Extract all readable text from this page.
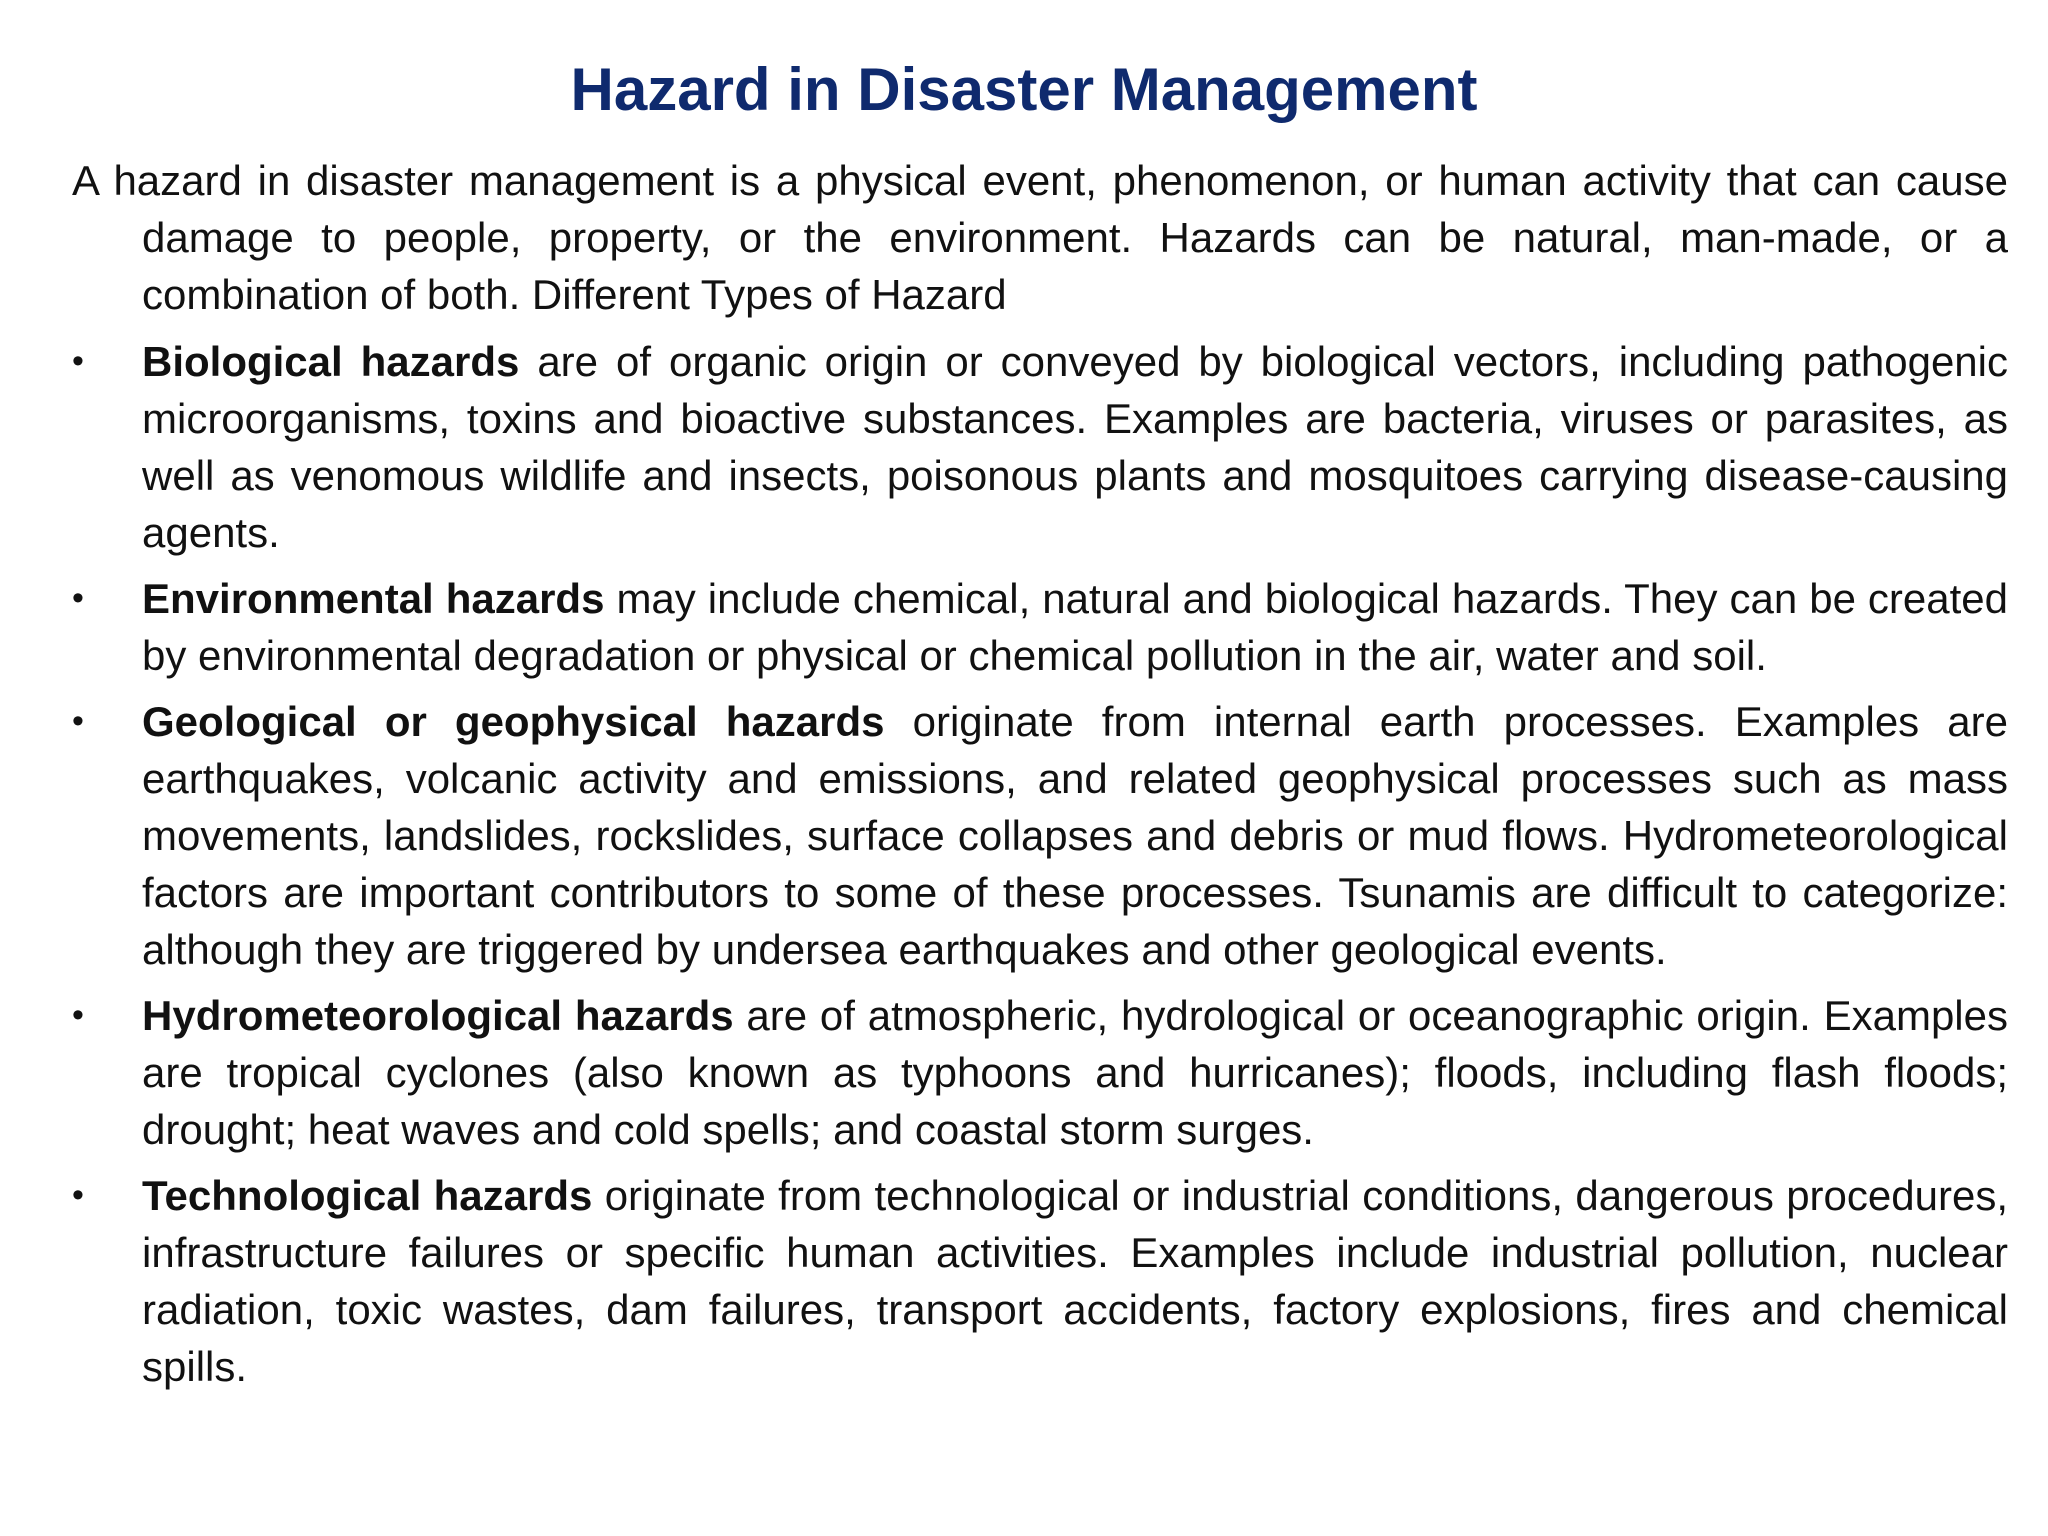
Hazard in Disaster Management

A hazard in disaster management is a physical event, phenomenon, or human activity that can cause damage to people, property, or the environment. Hazards can be natural, man-made, or a combination of both. Different Types of Hazard

•	Biological hazards are of organic origin or conveyed by biological vectors, including pathogenic microorganisms, toxins and bioactive substances. Examples are bacteria, viruses or parasites, as well as venomous wildlife and insects, poisonous plants and mosquitoes carrying disease-causing agents.
•	Environmental hazards may include chemical, natural and biological hazards. They can be created by environmental degradation or physical or chemical pollution in the air, water and soil.
•	Geological or geophysical hazards originate from internal earth processes. Examples are earthquakes, volcanic activity and emissions, and related geophysical processes such as mass movements, landslides, rockslides, surface collapses and debris or mud flows. Hydrometeorological factors are important contributors to some of these processes. Tsunamis are difficult to categorize: although they are triggered by undersea earthquakes and other geological events.
•	Hydrometeorological hazards are of atmospheric, hydrological or oceanographic origin. Examples are tropical cyclones (also known as typhoons and hurricanes); floods, including flash floods; drought; heat waves and cold spells; and coastal storm surges.
•	Technological hazards originate from technological or industrial conditions, dangerous procedures, infrastructure failures or specific human activities. Examples include industrial pollution, nuclear radiation, toxic wastes, dam failures, transport accidents, factory explosions, fires and chemical spills.
